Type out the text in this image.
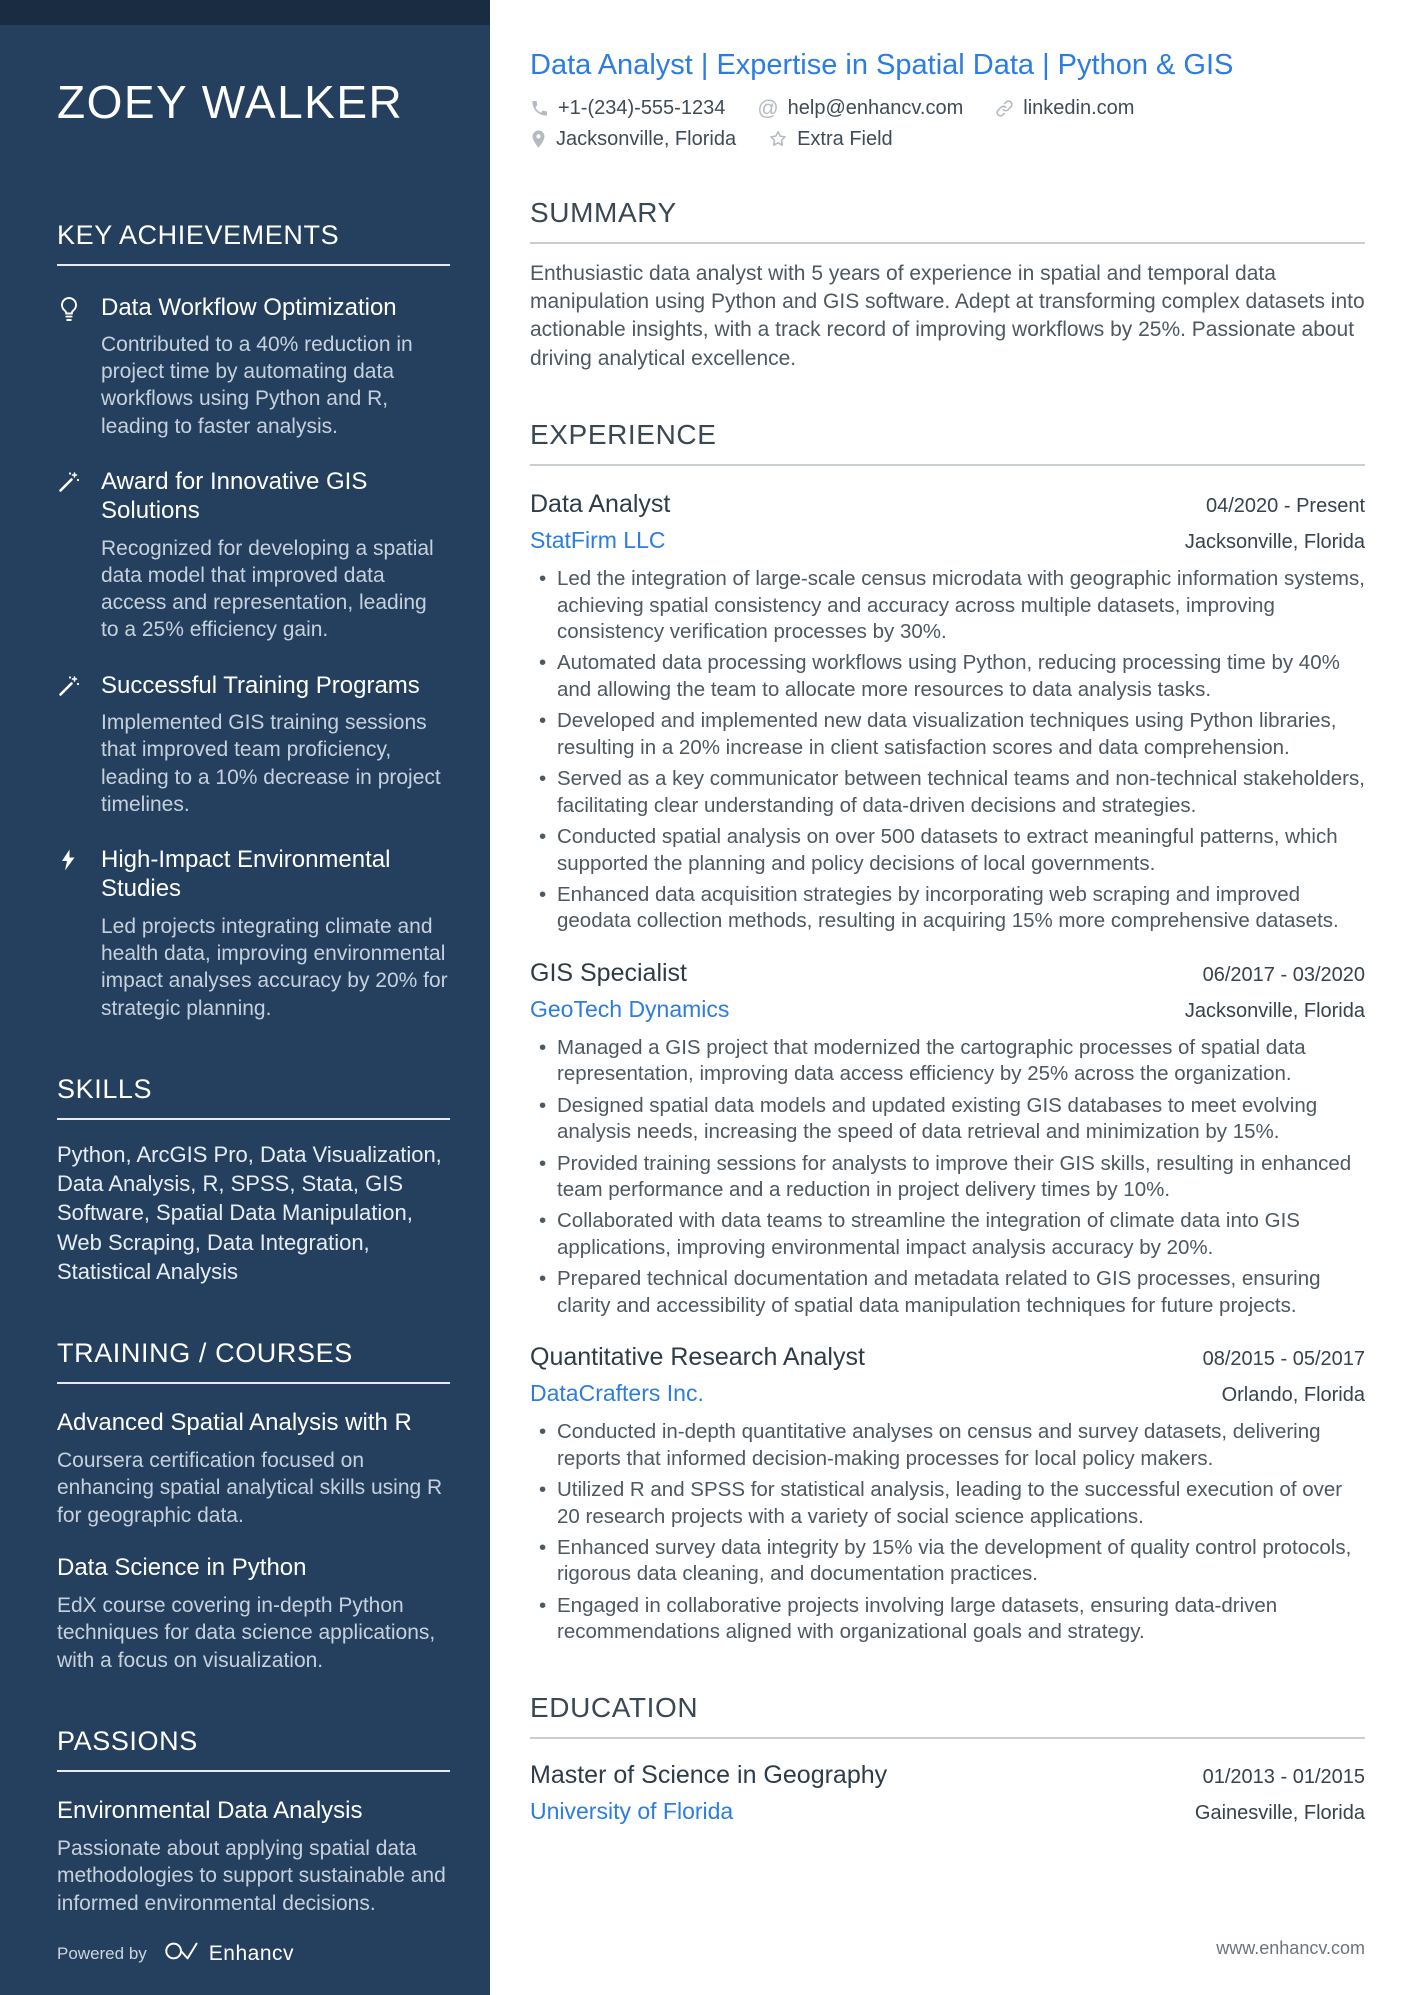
ZOEY WALKER
KEY ACHIEVEMENTS
Data Workflow Optimization
Contributed to a 40% reduction in project time by automating data workflows using Python and R, leading to faster analysis.
Award for Innovative GIS Solutions
Recognized for developing a spatial data model that improved data access and representation, leading to a 25% efficiency gain.
Successful Training Programs
Implemented GIS training sessions that improved team proficiency, leading to a 10% decrease in project timelines.
High-Impact Environmental Studies
Led projects integrating climate and health data, improving environmental impact analyses accuracy by 20% for strategic planning.
SKILLS
Python, ArcGIS Pro, Data Visualization, Data Analysis, R, SPSS, Stata, GIS Software, Spatial Data Manipulation, Web Scraping, Data Integration, Statistical Analysis
TRAINING / COURSES
Advanced Spatial Analysis with R
Coursera certification focused on enhancing spatial analytical skills using R for geographic data.
Data Science in Python
EdX course covering in-depth Python techniques for data science applications, with a focus on visualization.
PASSIONS
Environmental Data Analysis
Passionate about applying spatial data methodologies to support sustainable and informed environmental decisions.
Powered by	Enhancv
Data Analyst | Expertise in Spatial Data | Python & GIS
+1-(234)-555-1234 @ help@enhancv.com	linkedin.com
Jacksonville, Florida	Extra Field
SUMMARY
Enthusiastic data analyst with 5 years of experience in spatial and temporal data manipulation using Python and GIS software. Adept at transforming complex datasets into actionable insights, with a track record of improving workflows by 25%. Passionate about driving analytical excellence.
EXPERIENCE
Data Analyst	04/2020 - Present
StatFirm LLC	Jacksonville, Florida
• Led the integration of large-scale census microdata with geographic information systems, achieving spatial consistency and accuracy across multiple datasets, improving consistency verification processes by 30%.
• Automated data processing workflows using Python, reducing processing time by 40% and allowing the team to allocate more resources to data analysis tasks.
• Developed and implemented new data visualization techniques using Python libraries, resulting in a 20% increase in client satisfaction scores and data comprehension.
• Served as a key communicator between technical teams and non-technical stakeholders, facilitating clear understanding of data-driven decisions and strategies.
• Conducted spatial analysis on over 500 datasets to extract meaningful patterns, which supported the planning and policy decisions of local governments.
• Enhanced data acquisition strategies by incorporating web scraping and improved geodata collection methods, resulting in acquiring 15% more comprehensive datasets.
GIS Specialist	06/2017 - 03/2020
GeoTech Dynamics	Jacksonville, Florida
• Managed a GIS project that modernized the cartographic processes of spatial data representation, improving data access efficiency by 25% across the organization.
• Designed spatial data models and updated existing GIS databases to meet evolving analysis needs, increasing the speed of data retrieval and minimization by 15%.
• Provided training sessions for analysts to improve their GIS skills, resulting in enhanced team performance and a reduction in project delivery times by 10%.
• Collaborated with data teams to streamline the integration of climate data into GIS applications, improving environmental impact analysis accuracy by 20%.
• Prepared technical documentation and metadata related to GIS processes, ensuring clarity and accessibility of spatial data manipulation techniques for future projects.
Quantitative Research Analyst	08/2015 - 05/2017
DataCrafters Inc.	Orlando, Florida
• Conducted in-depth quantitative analyses on census and survey datasets, delivering reports that informed decision-making processes for local policy makers.
• Utilized R and SPSS for statistical analysis, leading to the successful execution of over 20 research projects with a variety of social science applications.
• Enhanced survey data integrity by 15% via the development of quality control protocols, rigorous data cleaning, and documentation practices.
• Engaged in collaborative projects involving large datasets, ensuring data-driven recommendations aligned with organizational goals and strategy.
EDUCATION
Master of Science in Geography	01/2013 - 01/2015
University of Florida	Gainesville, Florida
www.enhancv.com
